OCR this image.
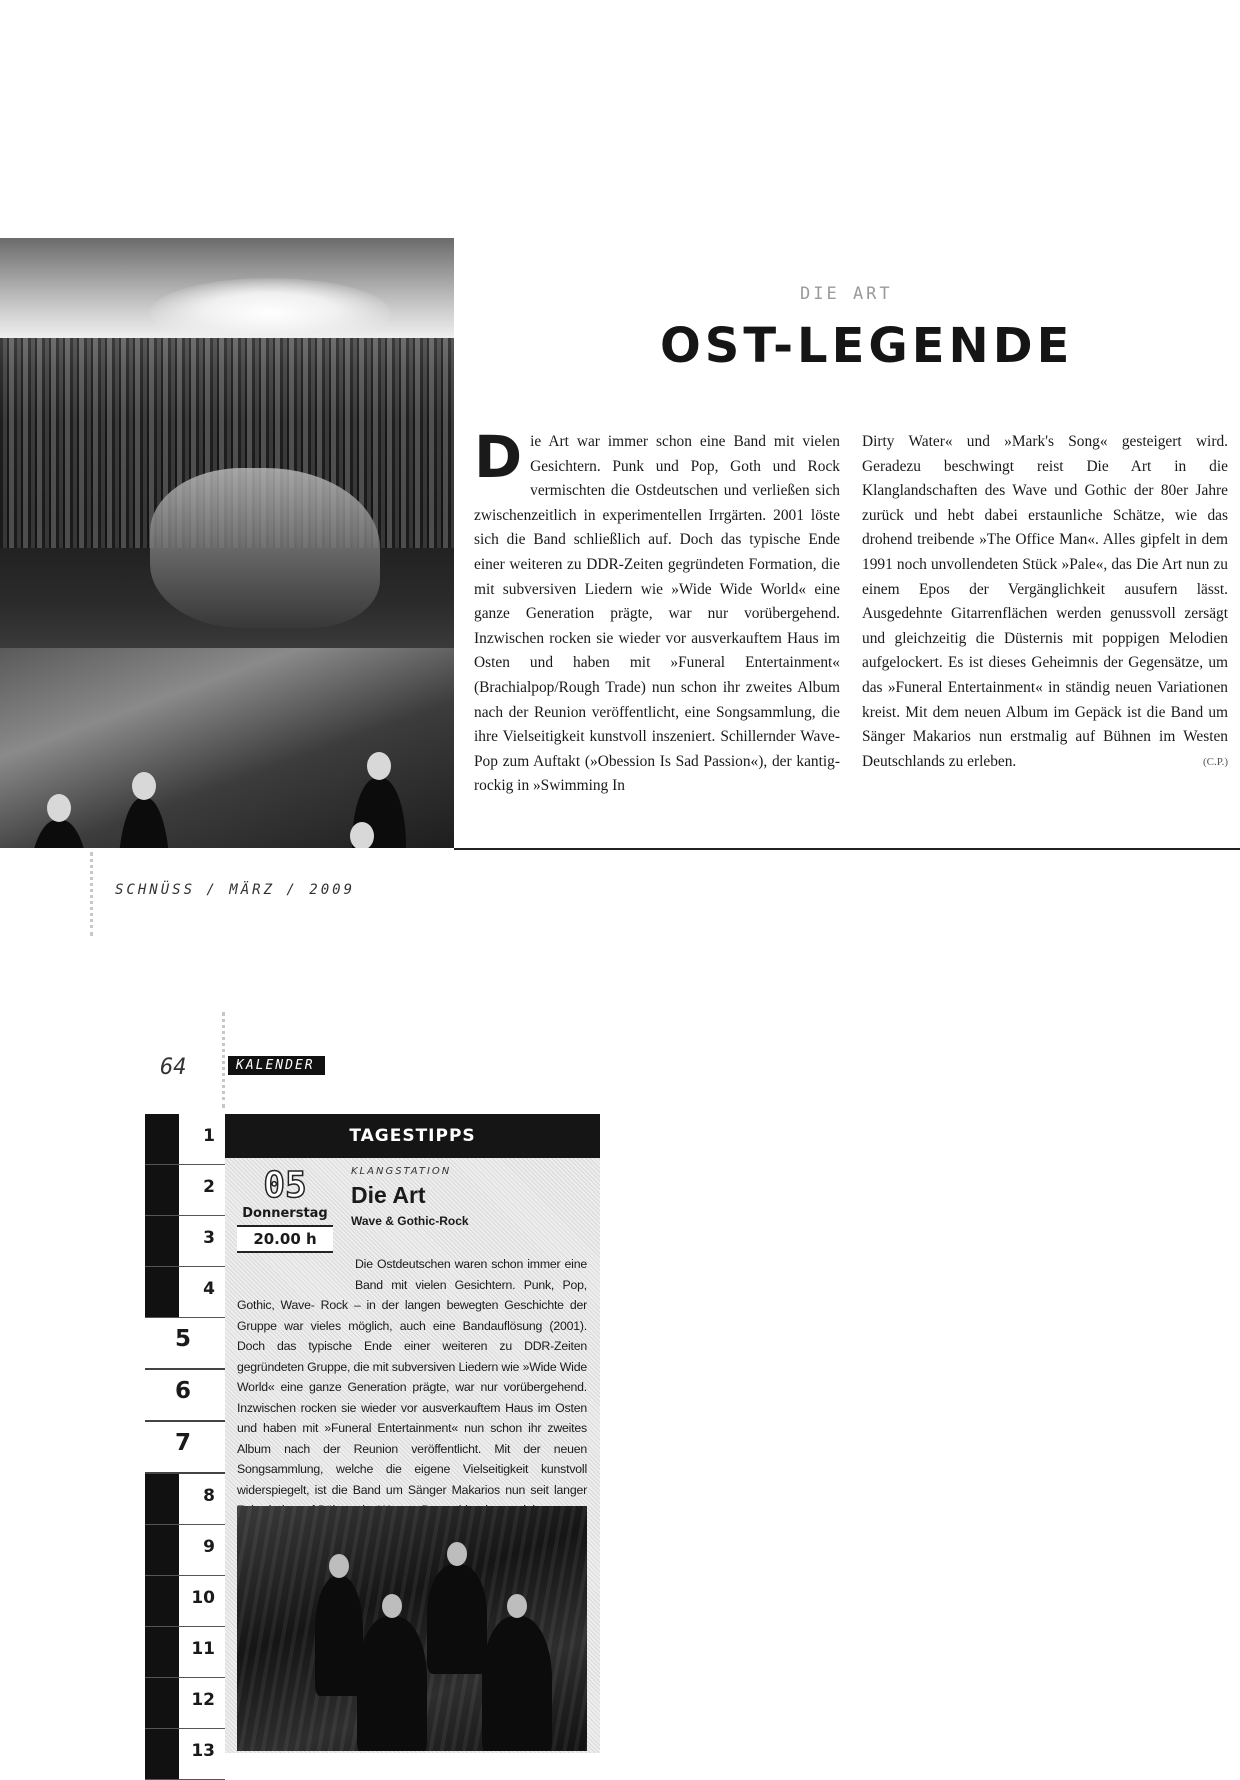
DIE ART
OST-LEGENDE
Die Art war immer schon eine Band mit vielen Gesichtern. Punk und Pop, Goth und Rock vermischten die Ostdeutschen und verließen sich zwischenzeitlich in experimentellen Irrgärten. 2001 löste sich die Band schließlich auf. Doch das typische Ende einer weiteren zu DDR-Zeiten gegründeten Formation, die mit subversiven Liedern wie »Wide Wide World« eine ganze Generation prägte, war nur vorübergehend. Inzwischen rocken sie wieder vor ausverkauftem Haus im Osten und haben mit »Funeral Entertainment« (Brachialpop/Rough Trade) nun schon ihr zweites Album nach der Reunion veröffentlicht, eine Songsammlung, die ihre Vielseitigkeit kunstvoll inszeniert. Schillernder Wave-Pop zum Auftakt (»Obession Is Sad Passion«), der kantig-rockig in »Swimming In
Dirty Water« und »Mark's Song« gesteigert wird. Geradezu beschwingt reist Die Art in die Klanglandschaften des Wave und Gothic der 80er Jahre zurück und hebt dabei erstaunliche Schätze, wie das drohend treibende »The Office Man«. Alles gipfelt in dem 1991 noch unvollendeten Stück »Pale«, das Die Art nun zu einem Epos der Vergänglichkeit ausufern lässt. Ausgedehnte Gitarrenflächen werden genussvoll zersägt und gleichzeitig die Düsternis mit poppigen Melodien aufgelockert. Es ist dieses Geheimnis der Gegensätze, um das »Funeral Entertainment« in ständig neuen Variationen kreist. Mit dem neuen Album im Gepäck ist die Band um Sänger Makarios nun erstmalig auf Bühnen im Westen Deutschlands zu erleben.	(C.P.)
SCHNÜSS / MÄRZ / 2009
64	KALENDER
1
2
3
4
5
6
7
8
9
10
11
12
13
TAGESTIPPS
05
Donnerstag
20.00 h
KLANGSTATION
Die Art
Wave & Gothic-Rock
Die Ostdeutschen waren schon immer eine Band mit vielen Gesichtern. Punk, Pop, Gothic, Wave- Rock – in der langen bewegten Geschichte der Gruppe war vieles möglich, auch eine Bandauflösung (2001). Doch das typische Ende einer weiteren zu DDR-Zeiten gegründeten Gruppe, die mit subversiven Liedern wie »Wide Wide World« eine ganze Generation prägte, war nur vorübergehend. Inzwischen rocken sie wieder vor ausverkauftem Haus im Osten und haben mit »Funeral Entertainment« nun schon ihr zweites Album nach der Reunion veröffentlicht. Mit der neuen Songsammlung, welche die eigene Vielseitigkeit kunstvoll widerspiegelt, ist die Band um Sänger Makarios nun seit langer
